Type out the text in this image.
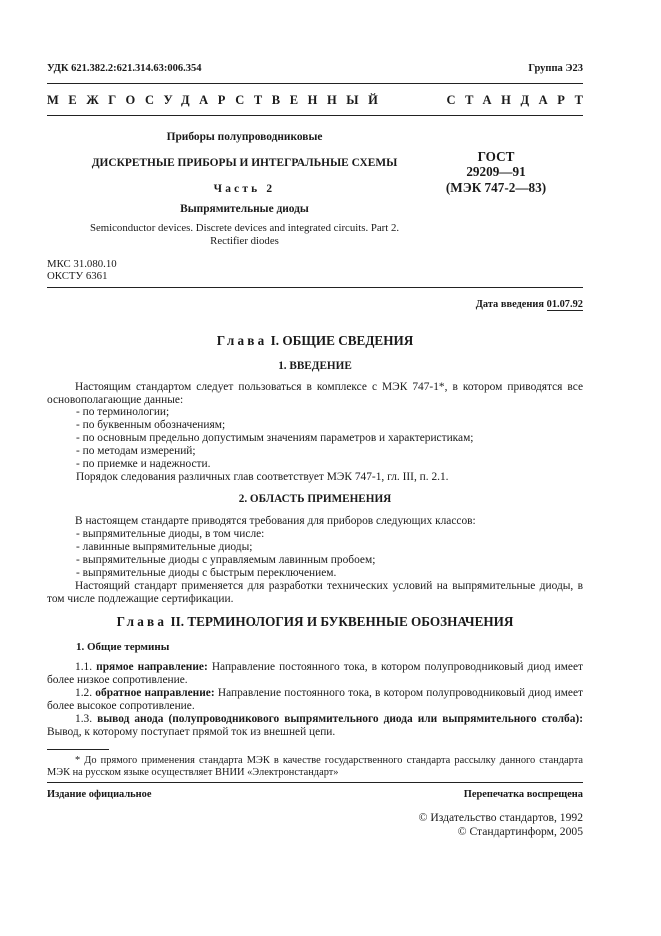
УДК 621.382.2:621.314.63:006.354	Группа Э23
МЕЖГОСУДАРСТВЕННЫЙ	СТАНДАРТ
Приборы полупроводниковые
ДИСКРЕТНЫЕ ПРИБОРЫ И ИНТЕГРАЛЬНЫЕ СХЕМЫ
Часть 2
Выпрямительные диоды
Semiconductor devices. Discrete devices and integrated circuits. Part 2.
Rectifier diodes
ГОСТ
29209—91
(МЭК 747-2—83)
МКС 31.080.10
ОКСТУ 6361
Дата введения 01.07.92
Глава I. ОБЩИЕ СВЕДЕНИЯ
1. ВВЕДЕНИЕ
Настоящим стандартом следует пользоваться в комплексе с МЭК 747-1*, в котором приводятся все основополагающие данные:
- по терминологии;
- по буквенным обозначениям;
- по основным предельно допустимым значениям параметров и характеристикам;
- по методам измерений;
- по приемке и надежности.
Порядок следования различных глав соответствует МЭК 747-1, гл. III, п. 2.1.
2. ОБЛАСТЬ ПРИМЕНЕНИЯ
В настоящем стандарте приводятся требования для приборов следующих классов:
- выпрямительные диоды, в том числе:
- лавинные выпрямительные диоды;
- выпрямительные диоды с управляемым лавинным пробоем;
- выпрямительные диоды с быстрым переключением.
Настоящий стандарт применяется для разработки технических условий на выпрямительные диоды, в том числе подлежащие сертификации.
Глава II. ТЕРМИНОЛОГИЯ И БУКВЕННЫЕ ОБОЗНАЧЕНИЯ
1. Общие термины
1.1. прямое направление: Направление постоянного тока, в котором полупроводниковый диод имеет более низкое сопротивление.
1.2. обратное направление: Направление постоянного тока, в котором полупроводниковый диод имеет более высокое сопротивление.
1.3. вывод анода (полупроводникового выпрямительного диода или выпрямительного столба): Вывод, к которому поступает прямой ток из внешней цепи.
* До прямого применения стандарта МЭК в качестве государственного стандарта рассылку данного стандарта МЭК на русском языке осуществляет ВНИИ «Электронстандарт»
Издание официальное	Перепечатка воспрещена
© Издательство стандартов, 1992
© Стандартинформ, 2005
